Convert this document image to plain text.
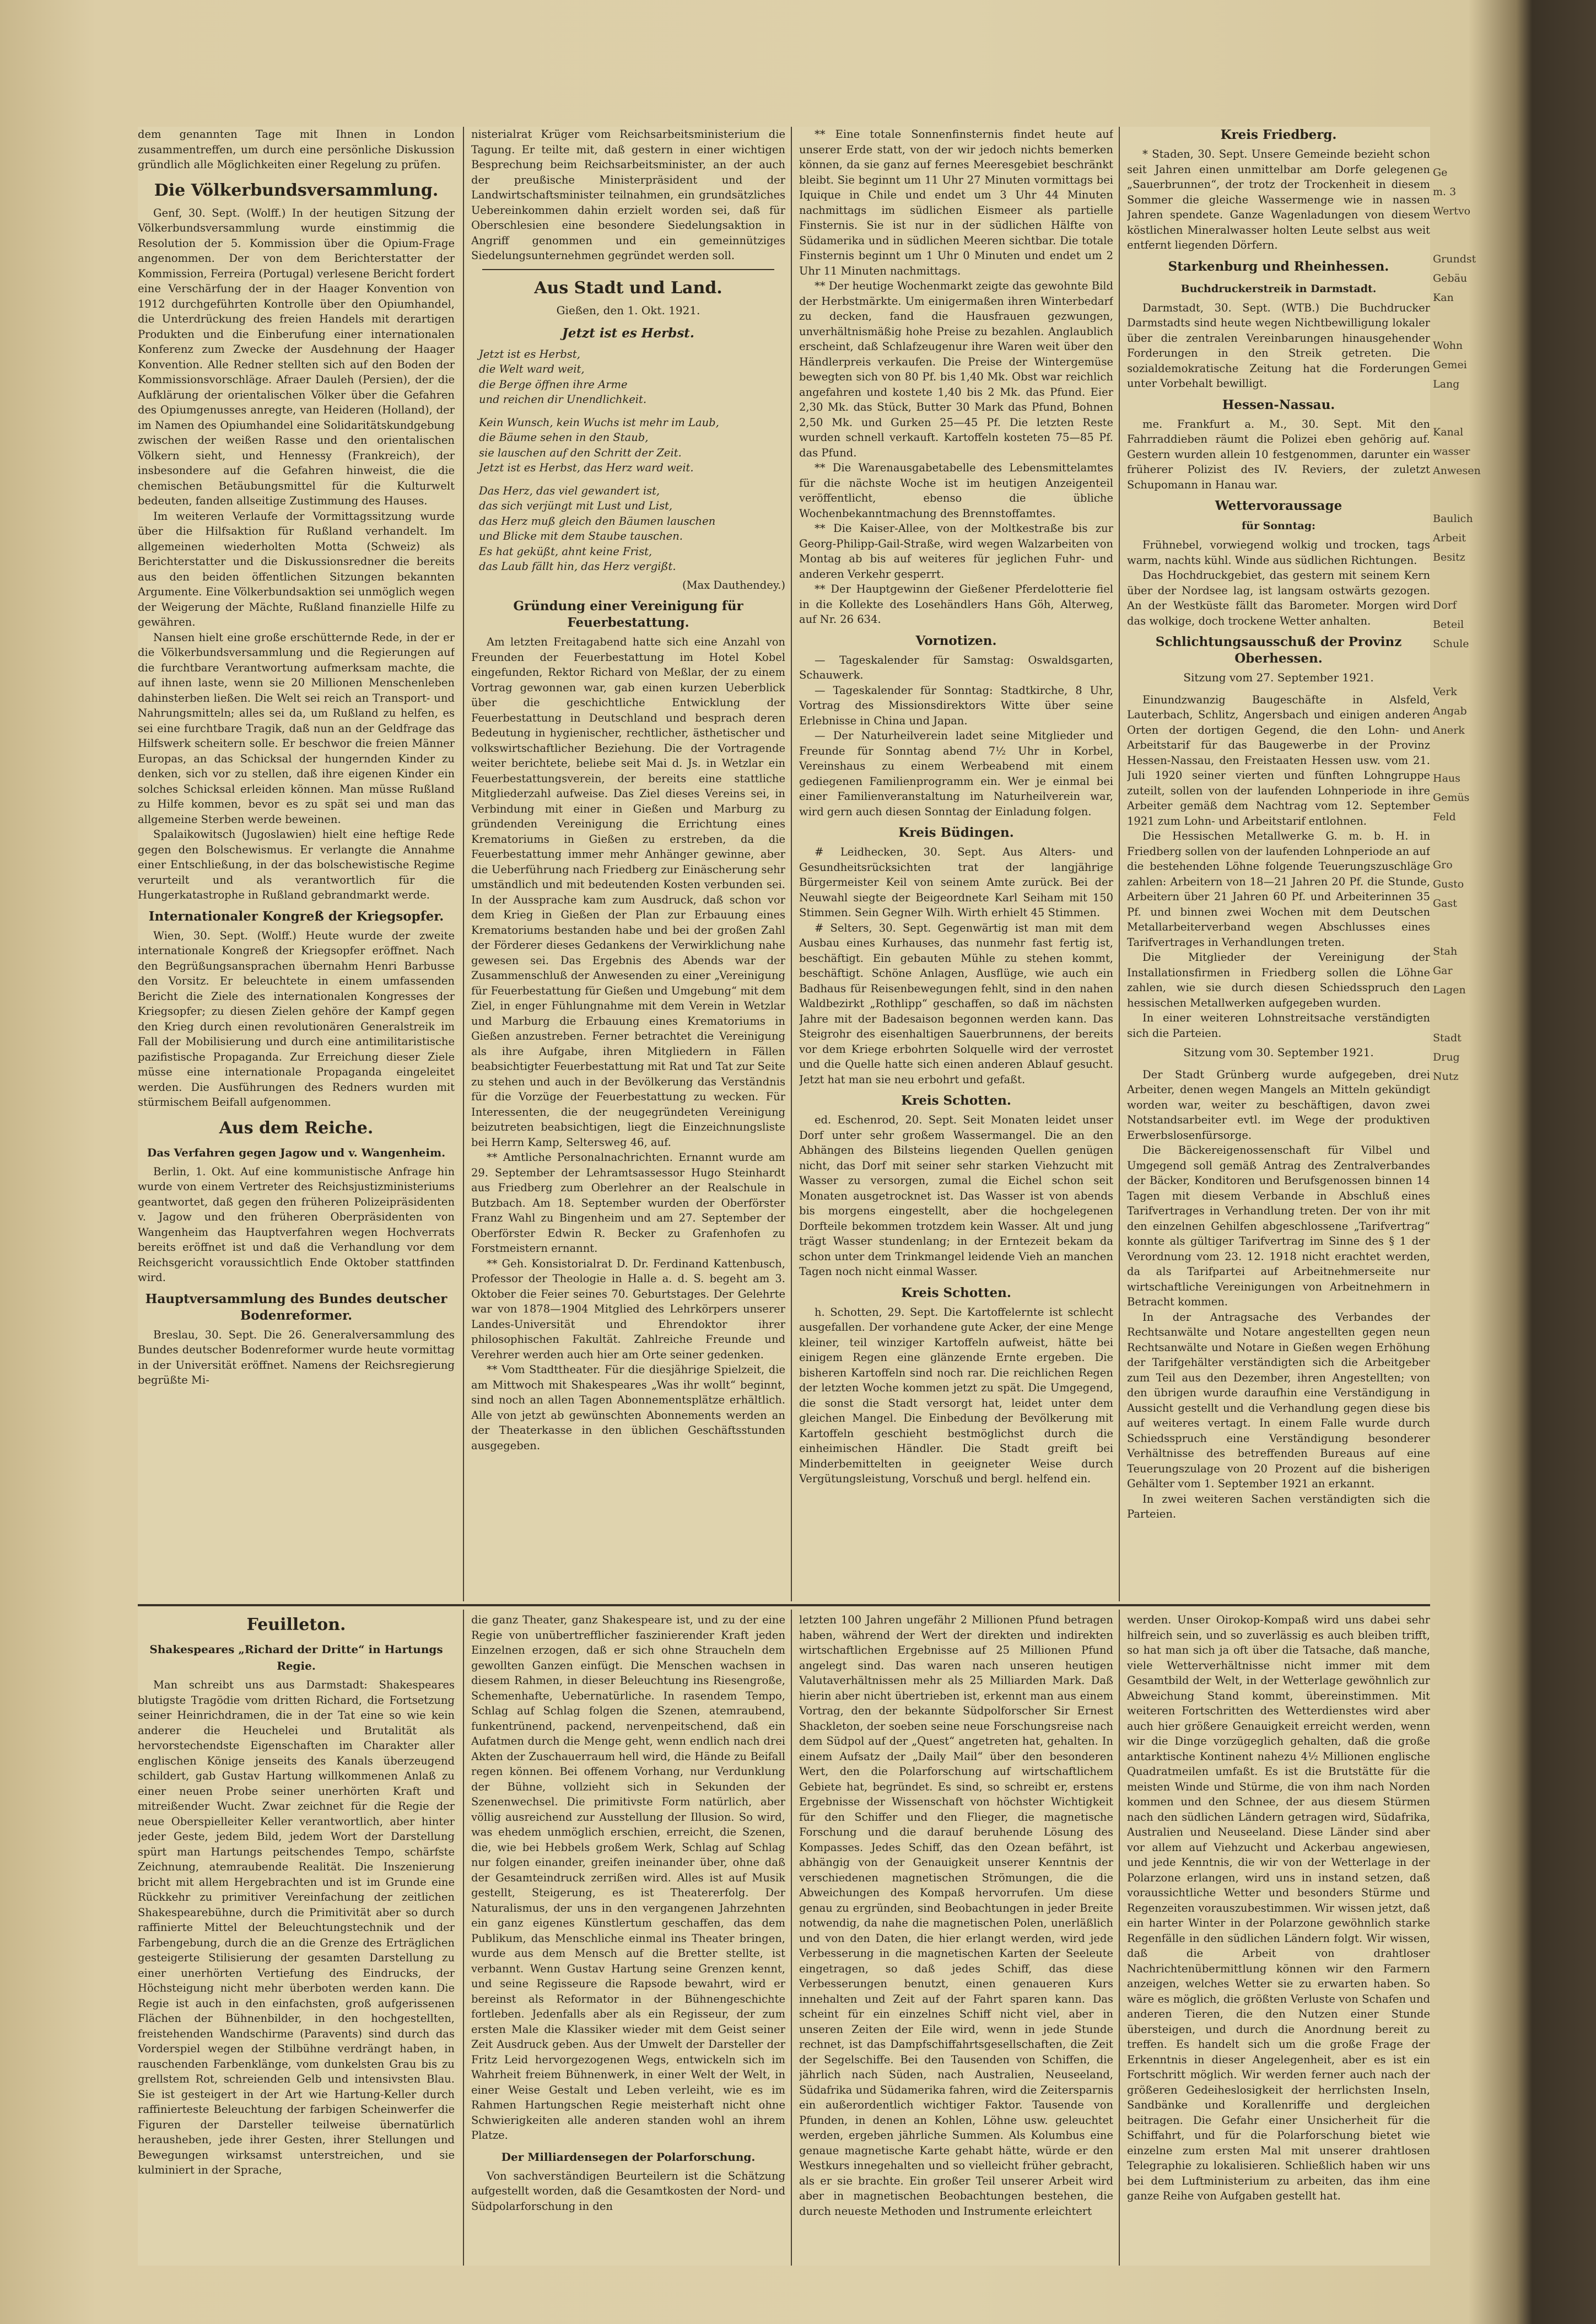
dem genannten Tage mit Ihnen in London zusammentreffen, um durch eine persönliche Diskussion gründlich alle Möglichkeiten einer Regelung zu prüfen.

Die Völkerbundsversammlung.

Genf, 30. Sept. (Wolff.) In der heutigen Sitzung der Völkerbundsversammlung wurde einstimmig die Resolution der 5. Kommission über die Opium-Frage angenommen. Der von dem Berichterstatter der Kommission, Ferreira (Portugal) verlesene Bericht fordert eine Verschärfung der in der Haager Konvention von 1912 durchgeführten Kontrolle über den Opiumhandel, die Unterdrückung des freien Handels mit derartigen Produkten und die Einberufung einer internationalen Konferenz zum Zwecke der Ausdehnung der Haager Konvention. Alle Redner stellten sich auf den Boden der Kommissionsvorschläge. Afraer Dauleh (Persien), der die Aufklärung der orientalischen Völker über die Gefahren des Opiumgenusses anregte, van Heideren (Holland), der im Namen des Opiumhandel eine Solidaritätskundgebung zwischen der weißen Rasse und den orientalischen Völkern sieht, und Hennessy (Frankreich), der insbesondere auf die Gefahren hinweist, die die chemischen Betäubungsmittel für die Kulturwelt bedeuten, fanden allseitige Zustimmung des Hauses.

Im weiteren Verlaufe der Vormittagssitzung wurde über die Hilfsaktion für Rußland verhandelt. Im allgemeinen wiederholten Motta (Schweiz) als Berichterstatter und die Diskussionsredner die bereits aus den beiden öffentlichen Sitzungen bekannten Argumente. Eine Völkerbundsaktion sei unmöglich wegen der Weigerung der Mächte, Rußland finanzielle Hilfe zu gewähren.

Nansen hielt eine große erschütternde Rede, in der er die Völkerbundsversammlung und die Regierungen auf die furchtbare Verantwortung aufmerksam machte, die auf ihnen laste, wenn sie 20 Millionen Menschenleben dahinsterben ließen. Die Welt sei reich an Transport- und Nahrungsmitteln; alles sei da, um Rußland zu helfen, es sei eine furchtbare Tragik, daß nun an der Geldfrage das Hilfswerk scheitern solle. Er beschwor die freien Männer Europas, an das Schicksal der hungernden Kinder zu denken, sich vor zu stellen, daß ihre eigenen Kinder ein solches Schicksal erleiden können. Man müsse Rußland zu Hilfe kommen, bevor es zu spät sei und man das allgemeine Sterben werde beweinen.

Spalaikowitsch (Jugoslawien) hielt eine heftige Rede gegen den Bolschewismus. Er verlangte die Annahme einer Entschließung, in der das bolschewistische Regime verurteilt und als verantwortlich für die Hungerkatastrophe in Rußland gebrandmarkt werde.

Internationaler Kongreß der Kriegsopfer.

Wien, 30. Sept. (Wolff.) Heute wurde der zweite internationale Kongreß der Kriegsopfer eröffnet. Nach den Begrüßungsansprachen übernahm Henri Barbusse den Vorsitz. Er beleuchtete in einem umfassenden Bericht die Ziele des internationalen Kongresses der Kriegsopfer; zu diesen Zielen gehöre der Kampf gegen den Krieg durch einen revolutionären Generalstreik im Fall der Mobilisierung und durch eine antimilitaristische pazifistische Propaganda. Zur Erreichung dieser Ziele müsse eine internationale Propaganda eingeleitet werden. Die Ausführungen des Redners wurden mit stürmischem Beifall aufgenommen.

Aus dem Reiche.
Das Verfahren gegen Jagow und v. Wangenheim.

Berlin, 1. Okt. Auf eine kommunistische Anfrage hin wurde von einem Vertreter des Reichsjustizministeriums geantwortet, daß gegen den früheren Polizeipräsidenten v. Jagow und den früheren Oberpräsidenten von Wangenheim das Hauptverfahren wegen Hochverrats bereits eröffnet ist und daß die Verhandlung vor dem Reichsgericht voraussichtlich Ende Oktober stattfinden wird.

Hauptversammlung des Bundes deutscher Bodenreformer.

Breslau, 30. Sept. Die 26. Generalversammlung des Bundes deutscher Bodenreformer wurde heute vormittag in der Universität eröffnet. Namens der Reichsregierung begrüßte Mi-

nisterialrat Krüger vom Reichsarbeitsministerium die Tagung. Er teilte mit, daß gestern in einer wichtigen Besprechung beim Reichsarbeitsminister, an der auch der preußische Ministerpräsident und der Landwirtschaftsminister teilnahmen, ein grundsätzliches Uebereinkommen dahin erzielt worden sei, daß für Oberschlesien eine besondere Siedelungsaktion in Angriff genommen und ein gemeinnütziges Siedelungsunternehmen gegründet werden soll.

Aus Stadt und Land.
Gießen, den 1. Okt. 1921.
Jetzt ist es Herbst.
Jetzt ist es Herbst,
die Welt ward weit,
die Berge öffnen ihre Arme
und reichen dir Unendlichkeit.
Kein Wunsch, kein Wuchs ist mehr im Laub,
die Bäume sehen in den Staub,
sie lauschen auf den Schritt der Zeit.
Jetzt ist es Herbst, das Herz ward weit.
Das Herz, das viel gewandert ist,
das sich verjüngt mit Lust und List,
das Herz muß gleich den Bäumen lauschen
und Blicke mit dem Staube tauschen.
Es hat geküßt, ahnt keine Frist,
das Laub fällt hin, das Herz vergißt.
(Max Dauthendey.)
Gründung einer Vereinigung für Feuerbestattung.

Am letzten Freitagabend hatte sich eine Anzahl von Freunden der Feuerbestattung im Hotel Kobel eingefunden, Rektor Richard von Meßlar, der zu einem Vortrag gewonnen war, gab einen kurzen Ueberblick über die geschichtliche Entwicklung der Feuerbestattung in Deutschland und besprach deren Bedeutung in hygienischer, rechtlicher, ästhetischer und volkswirtschaftlicher Beziehung. Die der Vortragende weiter berichtete, beliebe seit Mai d. Js. in Wetzlar ein Feuerbestattungsverein, der bereits eine stattliche Mitgliederzahl aufweise. Das Ziel dieses Vereins sei, in Verbindung mit einer in Gießen und Marburg zu gründenden Vereinigung die Errichtung eines Krematoriums in Gießen zu erstreben, da die Feuerbestattung immer mehr Anhänger gewinne, aber die Ueberführung nach Friedberg zur Einäscherung sehr umständlich und mit bedeutenden Kosten verbunden sei. In der Aussprache kam zum Ausdruck, daß schon vor dem Krieg in Gießen der Plan zur Erbauung eines Krematoriums bestanden habe und bei der großen Zahl der Förderer dieses Gedankens der Verwirklichung nahe gewesen sei. Das Ergebnis des Abends war der Zusammenschluß der Anwesenden zu einer „Vereinigung für Feuerbestattung für Gießen und Umgebung“ mit dem Ziel, in enger Fühlungnahme mit dem Verein in Wetzlar und Marburg die Erbauung eines Krematoriums in Gießen anzustreben. Ferner betrachtet die Vereinigung als ihre Aufgabe, ihren Mitgliedern in Fällen beabsichtigter Feuerbestattung mit Rat und Tat zur Seite zu stehen und auch in der Bevölkerung das Verständnis für die Vorzüge der Feuerbestattung zu wecken. Für Interessenten, die der neugegründeten Vereinigung beizutreten beabsichtigen, liegt die Einzeichnungsliste bei Herrn Kamp, Seltersweg 46, auf.

** Amtliche Personalnachrichten. Ernannt wurde am 29. September der Lehramtsassessor Hugo Steinhardt aus Friedberg zum Oberlehrer an der Realschule in Butzbach. Am 18. September wurden der Oberförster Franz Wahl zu Bingenheim und am 27. September der Oberförster Edwin R. Becker zu Grafenhofen zu Forstmeistern ernannt.

** Geh. Konsistorialrat D. Dr. Ferdinand Kattenbusch, Professor der Theologie in Halle a. d. S. begeht am 3. Oktober die Feier seines 70. Geburtstages. Der Gelehrte war von 1878—1904 Mitglied des Lehrkörpers unserer Landes-Universität und Ehrendoktor ihrer philosophischen Fakultät. Zahlreiche Freunde und Verehrer werden auch hier am Orte seiner gedenken.

** Vom Stadttheater. Für die diesjährige Spielzeit, die am Mittwoch mit Shakespeares „Was ihr wollt“ beginnt, sind noch an allen Tagen Abonnementsplätze erhältlich. Alle von jetzt ab gewünschten Abonnements werden an der Theaterkasse in den üblichen Geschäftsstunden ausgegeben.

** Eine totale Sonnenfinsternis findet heute auf unserer Erde statt, von der wir jedoch nichts bemerken können, da sie ganz auf fernes Meeresgebiet beschränkt bleibt. Sie beginnt um 11 Uhr 27 Minuten vormittags bei Iquique in Chile und endet um 3 Uhr 44 Minuten nachmittags im südlichen Eismeer als partielle Finsternis. Sie ist nur in der südlichen Hälfte von Südamerika und in südlichen Meeren sichtbar. Die totale Finsternis beginnt um 1 Uhr 0 Minuten und endet um 2 Uhr 11 Minuten nachmittags.

** Der heutige Wochenmarkt zeigte das gewohnte Bild der Herbstmärkte. Um einigermaßen ihren Winterbedarf zu decken, fand die Hausfrauen gezwungen, unverhältnismäßig hohe Preise zu bezahlen. Anglaublich erscheint, daß Schlafzeugenur ihre Waren weit über den Händlerpreis verkaufen. Die Preise der Wintergemüse bewegten sich von 80 Pf. bis 1,40 Mk. Obst war reichlich angefahren und kostete 1,40 bis 2 Mk. das Pfund. Eier 2,30 Mk. das Stück, Butter 30 Mark das Pfund, Bohnen 2,50 Mk. und Gurken 25—45 Pf. Die letzten Reste wurden schnell verkauft. Kartoffeln kosteten 75—85 Pf. das Pfund.

** Die Warenausgabetabelle des Lebensmittelamtes für die nächste Woche ist im heutigen Anzeigenteil veröffentlicht, ebenso die übliche Wochenbekanntmachung des Brennstoffamtes.

** Die Kaiser-Allee, von der Moltkestraße bis zur Georg-Philipp-Gail-Straße, wird wegen Walzarbeiten von Montag ab bis auf weiteres für jeglichen Fuhr- und anderen Verkehr gesperrt.

** Der Hauptgewinn der Gießener Pferdelotterie fiel in die Kollekte des Losehändlers Hans Göh, Alterweg, auf Nr. 26 634.

Vornotizen.

— Tageskalender für Samstag: Oswaldsgarten, Schauwerk.

— Tageskalender für Sonntag: Stadtkirche, 8 Uhr, Vortrag des Missionsdirektors Witte über seine Erlebnisse in China und Japan.

— Der Naturheilverein ladet seine Mitglieder und Freunde für Sonntag abend 7½ Uhr in Korbel, Vereinshaus zu einem Werbeabend mit einem gediegenen Familienprogramm ein. Wer je einmal bei einer Familienveranstaltung im Naturheilverein war, wird gern auch diesen Sonntag der Einladung folgen.

Kreis Büdingen.

# Leidhecken, 30. Sept. Aus Alters- und Gesundheitsrücksichten trat der langjährige Bürgermeister Keil von seinem Amte zurück. Bei der Neuwahl siegte der Beigeordnete Karl Seiham mit 150 Stimmen. Sein Gegner Wilh. Wirth erhielt 45 Stimmen.

# Selters, 30. Sept. Gegenwärtig ist man mit dem Ausbau eines Kurhauses, das nunmehr fast fertig ist, beschäftigt. Ein gebauten Mühle zu stehen kommt, beschäftigt. Schöne Anlagen, Ausflüge, wie auch ein Badhaus für Reisenbewegungen fehlt, sind in den nahen Waldbezirkt „Rothlipp“ geschaffen, so daß im nächsten Jahre mit der Badesaison begonnen werden kann. Das Steigrohr des eisenhaltigen Sauerbrunnens, der bereits vor dem Kriege erbohrten Solquelle wird der verrostet und die Quelle hatte sich einen anderen Ablauf gesucht. Jetzt hat man sie neu erbohrt und gefaßt.

Kreis Schotten.

ed. Eschenrod, 20. Sept. Seit Monaten leidet unser Dorf unter sehr großem Wassermangel. Die an den Abhängen des Bilsteins liegenden Quellen genügen nicht, das Dorf mit seiner sehr starken Viehzucht mit Wasser zu versorgen, zumal die Eichel schon seit Monaten ausgetrocknet ist. Das Wasser ist von abends bis morgens eingestellt, aber die hochgelegenen Dorfteile bekommen trotzdem kein Wasser. Alt und jung trägt Wasser stundenlang; in der Erntezeit bekam da schon unter dem Trinkmangel leidende Vieh an manchen Tagen noch nicht einmal Wasser.

Kreis Schotten.

h. Schotten, 29. Sept. Die Kartoffelernte ist schlecht ausgefallen. Der vorhandene gute Acker, der eine Menge kleiner, teil winziger Kartoffeln aufweist, hätte bei einigem Regen eine glänzende Ernte ergeben. Die bisheren Kartoffeln sind noch rar. Die reichlichen Regen der letzten Woche kommen jetzt zu spät. Die Umgegend, die sonst die Stadt versorgt hat, leidet unter dem gleichen Mangel. Die Einbedung der Bevölkerung mit Kartoffeln geschieht bestmöglichst durch die einheimischen Händler. Die Stadt greift bei Minderbemittelten in geeigneter Weise durch Vergütungsleistung, Vorschuß und bergl. helfend ein.

Kreis Friedberg.

* Staden, 30. Sept. Unsere Gemeinde bezieht schon seit Jahren einen unmittelbar am Dorfe gelegenen „Sauerbrunnen“, der trotz der Trockenheit in diesem Sommer die gleiche Wassermenge wie in nassen Jahren spendete. Ganze Wagenladungen von diesem köstlichen Mineralwasser holten Leute selbst aus weit entfernt liegenden Dörfern.

Starkenburg und Rheinhessen.
Buchdruckerstreik in Darmstadt.

Darmstadt, 30. Sept. (WTB.) Die Buchdrucker Darmstadts sind heute wegen Nichtbewilligung lokaler über die zentralen Vereinbarungen hinausgehender Forderungen in den Streik getreten. Die sozialdemokratische Zeitung hat die Forderungen unter Vorbehalt bewilligt.

Hessen-Nassau.

me. Frankfurt a. M., 30. Sept. Mit den Fahrraddieben räumt die Polizei eben gehörig auf. Gestern wurden allein 10 festgenommen, darunter ein früherer Polizist des IV. Reviers, der zuletzt Schupomann in Hanau war.

Wettervoraussage
für Sonntag:

Frühnebel, vorwiegend wolkig und trocken, tags warm, nachts kühl. Winde aus südlichen Richtungen.

Das Hochdruckgebiet, das gestern mit seinem Kern über der Nordsee lag, ist langsam ostwärts gezogen. An der Westküste fällt das Barometer. Morgen wird das wolkige, doch trockene Wetter anhalten.

Schlichtungsausschuß der Provinz Oberhessen.
Sitzung vom 27. September 1921.

Einundzwanzig Baugeschäfte in Alsfeld, Lauterbach, Schlitz, Angersbach und einigen anderen Orten der dortigen Gegend, die den Lohn- und Arbeitstarif für das Baugewerbe in der Provinz Hessen-Nassau, den Freistaaten Hessen usw. vom 21. Juli 1920 seiner vierten und fünften Lohngruppe zuteilt, sollen von der laufenden Lohnperiode in ihre Arbeiter gemäß dem Nachtrag vom 12. September 1921 zum Lohn- und Arbeitstarif entlohnen.

Die Hessischen Metallwerke G. m. b. H. in Friedberg sollen von der laufenden Lohnperiode an auf die bestehenden Löhne folgende Teuerungszuschläge zahlen: Arbeitern von 18—21 Jahren 20 Pf. die Stunde, Arbeitern über 21 Jahren 60 Pf. und Arbeiterinnen 35 Pf. und binnen zwei Wochen mit dem Deutschen Metallarbeiterverband wegen Abschlusses eines Tarifvertrages in Verhandlungen treten.

Die Mitglieder der Vereinigung der Installationsfirmen in Friedberg sollen die Löhne zahlen, wie sie durch diesen Schiedsspruch den hessischen Metallwerken aufgegeben wurden.

In einer weiteren Lohnstreitsache verständigten sich die Parteien.

Sitzung vom 30. September 1921.

Der Stadt Grünberg wurde aufgegeben, drei Arbeiter, denen wegen Mangels an Mitteln gekündigt worden war, weiter zu beschäftigen, davon zwei Notstandsarbeiter evtl. im Wege der produktiven Erwerbslosenfürsorge.

Die Bäckereigenossenschaft für Vilbel und Umgegend soll gemäß Antrag des Zentralverbandes der Bäcker, Konditoren und Berufsgenossen binnen 14 Tagen mit diesem Verbande in Abschluß eines Tarifvertrages in Verhandlung treten. Der von ihr mit den einzelnen Gehilfen abgeschlossene „Tarifvertrag“ konnte als gültiger Tarifvertrag im Sinne des § 1 der Verordnung vom 23. 12. 1918 nicht erachtet werden, da als Tarifpartei auf Arbeitnehmerseite nur wirtschaftliche Vereinigungen von Arbeitnehmern in Betracht kommen.

In der Antragsache des Verbandes der Rechtsanwälte und Notare angestellten gegen neun Rechtsanwälte und Notare in Gießen wegen Erhöhung der Tarifgehälter verständigten sich die Arbeitgeber zum Teil aus den Dezember, ihren Angestellten; von den übrigen wurde daraufhin eine Verständigung in Aussicht gestellt und die Verhandlung gegen diese bis auf weiteres vertagt. In einem Falle wurde durch Schiedsspruch eine Verständigung besonderer Verhältnisse des betreffenden Bureaus auf eine Teuerungszulage von 20 Prozent auf die bisherigen Gehälter vom 1. September 1921 an erkannt.

In zwei weiteren Sachen verständigten sich die Parteien.

Feuilleton.
Shakespeares „Richard der Dritte“ in Hartungs Regie.

Man schreibt uns aus Darmstadt: Shakespeares blutigste Tragödie vom dritten Richard, die Fortsetzung seiner Heinrichdramen, die in der Tat eine so wie kein anderer die Heuchelei und Brutalität als hervorstechendste Eigenschaften im Charakter aller englischen Könige jenseits des Kanals überzeugend schildert, gab Gustav Hartung willkommenen Anlaß zu einer neuen Probe seiner unerhörten Kraft und mitreißender Wucht. Zwar zeichnet für die Regie der neue Oberspielleiter Keller verantwortlich, aber hinter jeder Geste, jedem Bild, jedem Wort der Darstellung spürt man Hartungs peitschendes Tempo, schärfste Zeichnung, atemraubende Realität. Die Inszenierung bricht mit allem Hergebrachten und ist im Grunde eine Rückkehr zu primitiver Vereinfachung der zeitlichen Shakespearebühne, durch die Primitivität aber so durch raffinierte Mittel der Beleuchtungstechnik und der Farbengebung, durch die an die Grenze des Erträglichen gesteigerte Stilisierung der gesamten Darstellung zu einer unerhörten Vertiefung des Eindrucks, der Höchsteigung nicht mehr überboten werden kann. Die Regie ist auch in den einfachsten, groß aufgerissenen Flächen der Bühnenbilder, in den hochgestellten, freistehenden Wandschirme (Paravents) sind durch das Vorderspiel wegen der Stilbühne verdrängt haben, in rauschenden Farbenklänge, vom dunkelsten Grau bis zu grellstem Rot, schreienden Gelb und intensivsten Blau. Sie ist gesteigert in der Art wie Hartung-Keller durch raffinierteste Beleuchtung der farbigen Scheinwerfer die Figuren der Darsteller teilweise übernatürlich herausheben, jede ihrer Gesten, ihrer Stellungen und Bewegungen wirksamst unterstreichen, und sie kulminiert in der Sprache,

die ganz Theater, ganz Shakespeare ist, und zu der eine Regie von unübertrefflicher faszinierender Kraft jeden Einzelnen erzogen, daß er sich ohne Straucheln dem gewollten Ganzen einfügt. Die Menschen wachsen in diesem Rahmen, in dieser Beleuchtung ins Riesengroße, Schemenhafte, Uebernatürliche. In rasendem Tempo, Schlag auf Schlag folgen die Szenen, atemraubend, funkentrünend, packend, nervenpeitschend, daß ein Aufatmen durch die Menge geht, wenn endlich nach drei Akten der Zuschauerraum hell wird, die Hände zu Beifall regen können. Bei offenem Vorhang, nur Verdunklung der Bühne, vollzieht sich in Sekunden der Szenenwechsel. Die primitivste Form natürlich, aber völlig ausreichend zur Ausstellung der Illusion. So wird, was ehedem unmöglich erschien, erreicht, die Szenen, die, wie bei Hebbels großem Werk, Schlag auf Schlag nur folgen einander, greifen ineinander über, ohne daß der Gesamteindruck zerrißen wird. Alles ist auf Musik gestellt, Steigerung, es ist Theatererfolg. Der Naturalismus, der uns in den vergangenen Jahrzehnten ein ganz eigenes Künstlertum geschaffen, das dem Publikum, das Menschliche einmal ins Theater bringen, wurde aus dem Mensch auf die Bretter stellte, ist verbannt. Wenn Gustav Hartung seine Grenzen kennt, und seine Regisseure die Rapsode bewahrt, wird er bereinst als Reformator in der Bühnengeschichte fortleben. Jedenfalls aber als ein Regisseur, der zum ersten Male die Klassiker wieder mit dem Geist seiner Zeit Ausdruck geben. Aus der Umwelt der Darsteller der Fritz Leid hervorgezogenen Wegs, entwickeln sich im Wahrheit freiem Bühnenwerk, in einer Welt der Welt, in einer Weise Gestalt und Leben verleiht, wie es im Rahmen Hartungschen Regie meisterhaft nicht ohne Schwierigkeiten alle anderen standen wohl an ihrem Platze.

Der Milliardensegen der Polarforschung.

Von sachverständigen Beurteilern ist die Schätzung aufgestellt worden, daß die Gesamtkosten der Nord- und Südpolarforschung in den

letzten 100 Jahren ungefähr 2 Millionen Pfund betragen haben, während der Wert der direkten und indirekten wirtschaftlichen Ergebnisse auf 25 Millionen Pfund angelegt sind. Das waren nach unseren heutigen Valutaverhältnissen mehr als 25 Milliarden Mark. Daß hierin aber nicht übertrieben ist, erkennt man aus einem Vortrag, den der bekannte Südpolforscher Sir Ernest Shackleton, der soeben seine neue Forschungsreise nach dem Südpol auf der „Quest“ angetreten hat, gehalten. In einem Aufsatz der „Daily Mail“ über den besonderen Wert, den die Polarforschung auf wirtschaftlichem Gebiete hat, begründet. Es sind, so schreibt er, erstens Ergebnisse der Wissenschaft von höchster Wichtigkeit für den Schiffer und den Flieger, die magnetische Forschung und die darauf beruhende Lösung des Kompasses. Jedes Schiff, das den Ozean befährt, ist abhängig von der Genauigkeit unserer Kenntnis der verschiedenen magnetischen Strömungen, die die Abweichungen des Kompaß hervorrufen. Um diese genau zu ergründen, sind Beobachtungen in jeder Breite notwendig, da nahe die magnetischen Polen, unerläßlich und von den Daten, die hier erlangt werden, wird jede Verbesserung in die magnetischen Karten der Seeleute eingetragen, so daß jedes Schiff, das diese Verbesserungen benutzt, einen genaueren Kurs innehalten und Zeit auf der Fahrt sparen kann. Das scheint für ein einzelnes Schiff nicht viel, aber in unseren Zeiten der Eile wird, wenn in jede Stunde rechnet, ist das Dampfschiffahrtsgesellschaften, die Zeit der Segelschiffe. Bei den Tausenden von Schiffen, die jährlich nach Süden, nach Australien, Neuseeland, Südafrika und Südamerika fahren, wird die Zeitersparnis ein außerordentlich wichtiger Faktor. Tausende von Pfunden, in denen an Kohlen, Löhne usw. geleuchtet werden, ergeben jährliche Summen. Als Kolumbus eine genaue magnetische Karte gehabt hätte, würde er den Westkurs innegehalten und so vielleicht früher gebracht, als er sie brachte. Ein großer Teil unserer Arbeit wird aber in magnetischen Beobachtungen bestehen, die durch neueste Methoden und Instrumente erleichtert

werden. Unser Oirokop-Kompaß wird uns dabei sehr hilfreich sein, und so zuverlässig es auch bleiben trifft, so hat man sich ja oft über die Tatsache, daß manche, viele Wetterverhältnisse nicht immer mit dem Gesamtbild der Welt, in der Wetterlage gewöhnlich zur Abweichung Stand kommt, übereinstimmen. Mit weiteren Fortschritten des Wetterdienstes wird aber auch hier größere Genauigkeit erreicht werden, wenn wir die Dinge vorzügeglich gehalten, daß die große antarktische Kontinent nahezu 4½ Millionen englische Quadratmeilen umfaßt. Es ist die Brutstätte für die meisten Winde und Stürme, die von ihm nach Norden kommen und den Schnee, der aus diesem Stürmen nach den südlichen Ländern getragen wird, Südafrika, Australien und Neuseeland. Diese Länder sind aber vor allem auf Viehzucht und Ackerbau angewiesen, und jede Kenntnis, die wir von der Wetterlage in der Polarzone erlangen, wird uns in instand setzen, daß voraussichtliche Wetter und besonders Stürme und Regenzeiten vorauszubestimmen. Wir wissen jetzt, daß ein harter Winter in der Polarzone gewöhnlich starke Regenfälle in den südlichen Ländern folgt. Wir wissen, daß die Arbeit von drahtloser Nachrichtenübermittlung können wir den Farmern anzeigen, welches Wetter sie zu erwarten haben. So wäre es möglich, die größten Verluste von Schafen und anderen Tieren, die den Nutzen einer Stunde übersteigen, und durch die Anordnung bereit zu treffen. Es handelt sich um die große Frage der Erkenntnis in dieser Angelegenheit, aber es ist ein Fortschritt möglich. Wir werden ferner auch nach der größeren Gedeiheslosigkeit der herrlichsten Inseln, Sandbänke und Korallenriffe und dergleichen beitragen. Die Gefahr einer Unsicherheit für die Schiffahrt, und für die Polarforschung bietet wie einzelne zum ersten Mal mit unserer drahtlosen Telegraphie zu lokalisieren. Schließlich haben wir uns bei dem Luftministerium zu arbeiten, das ihm eine ganze Reihe von Aufgaben gestellt hat.

Ge
m. 3
Wertvo
Grundst
Gebäu
Kan
Wohn
Gemei
Lang
Kanal
wasser
Anwesen
Baulich
Arbeit
Besitz
Dorf
Beteil
Schule
Verk
Angab
Anerk
Haus
Gemüs
Feld
Gro
Gusto
Gast
Stah
Gar
Lagen
Stadt
Drug
Nutz
